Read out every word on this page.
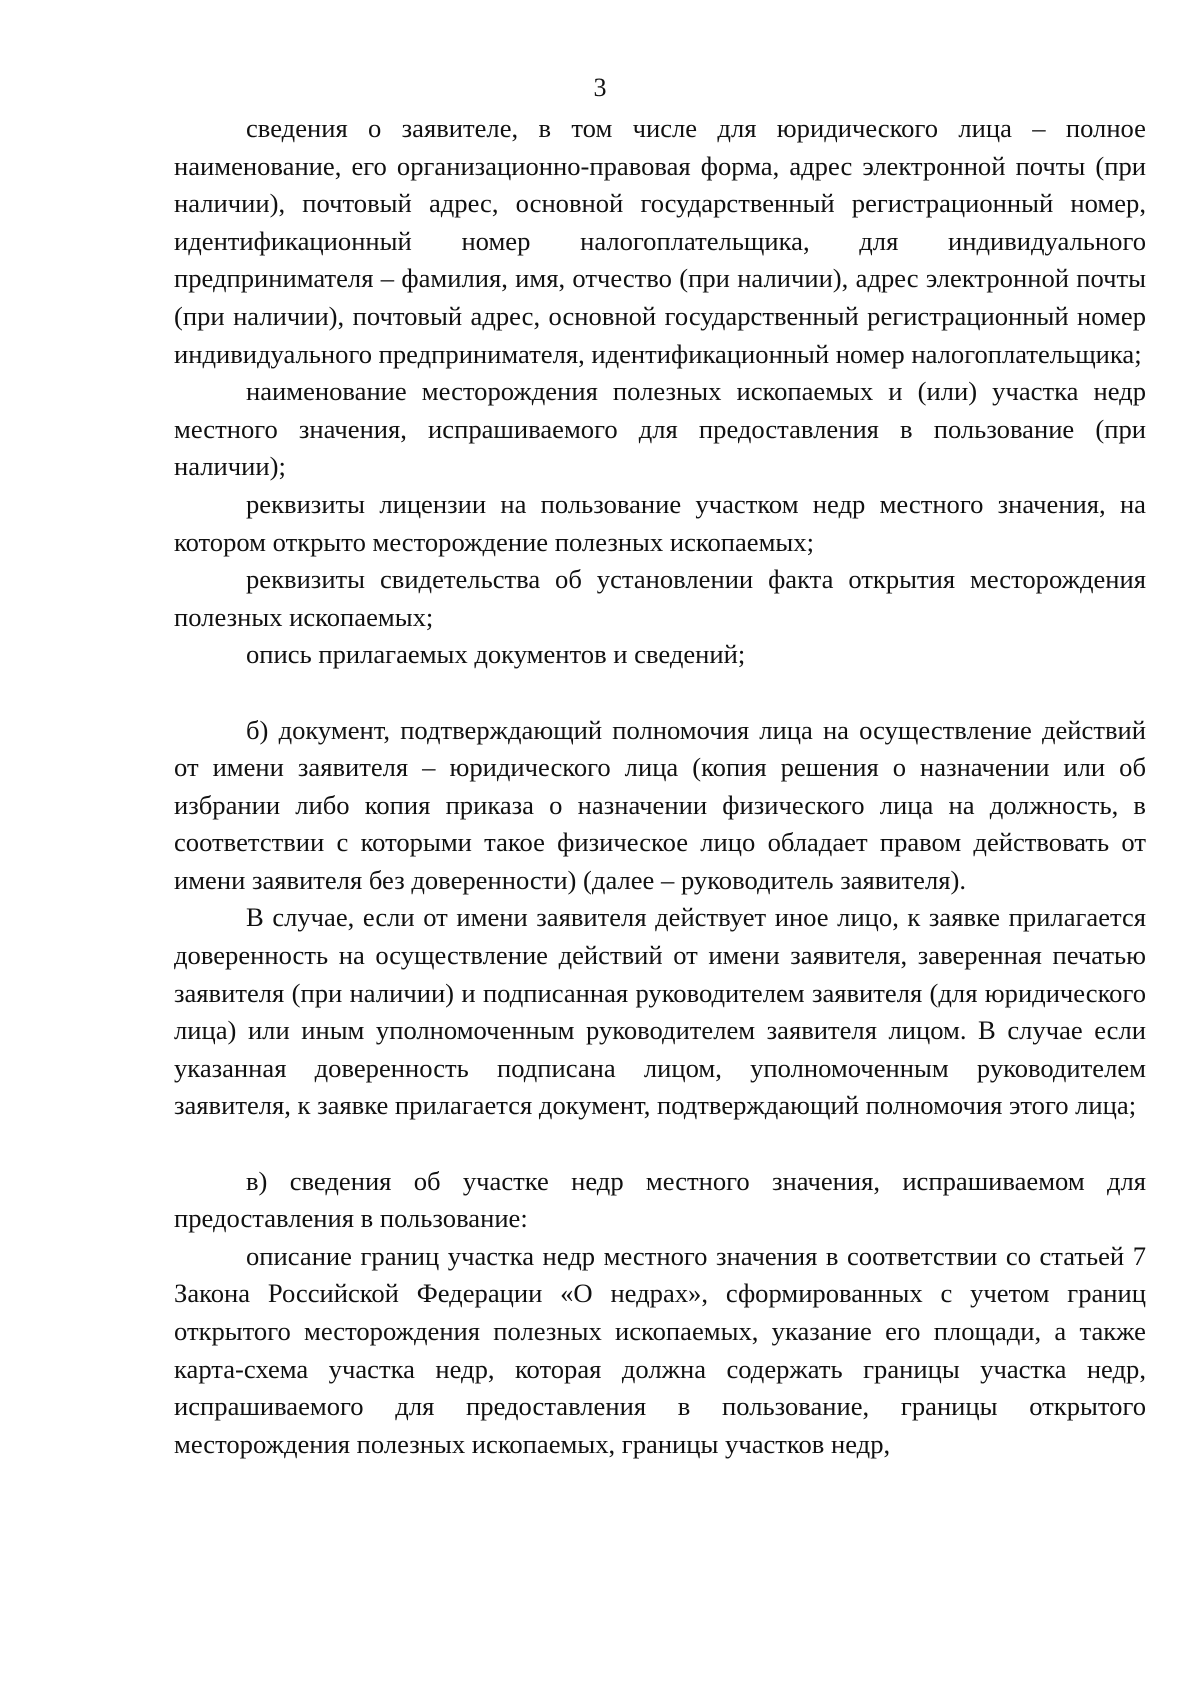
3

сведения о заявителе, в том числе для юридического лица – полное наименование, его организационно-правовая форма, адрес электронной почты (при наличии), почтовый адрес, основной государственный регистрационный номер, идентификационный номер налогоплательщика, для индивидуального предпринимателя – фамилия, имя, отчество (при наличии), адрес электронной почты (при наличии), почтовый адрес, основной государственный регистрационный номер индивидуального предпринимателя, идентификационный номер налогоплательщика;

наименование месторождения полезных ископаемых и (или) участка недр местного значения, испрашиваемого для предоставления в пользование (при наличии);

реквизиты лицензии на пользование участком недр местного значения, на котором открыто месторождение полезных ископаемых;

реквизиты свидетельства об установлении факта открытия месторождения полезных ископаемых;

опись прилагаемых документов и сведений;

б) документ, подтверждающий полномочия лица на осуществление действий от имени заявителя – юридического лица (копия решения о назначении или об избрании либо копия приказа о назначении физического лица на должность, в соответствии с которыми такое физическое лицо обладает правом действовать от имени заявителя без доверенности) (далее – руководитель заявителя).

В случае, если от имени заявителя действует иное лицо, к заявке прилагается доверенность на осуществление действий от имени заявителя, заверенная печатью заявителя (при наличии) и подписанная руководителем заявителя (для юридического лица) или иным уполномоченным руководителем заявителя лицом. В случае если указанная доверенность подписана лицом, уполномоченным руководителем заявителя, к заявке прилагается документ, подтверждающий полномочия этого лица;

в) сведения об участке недр местного значения, испрашиваемом для предоставления в пользование:

описание границ участка недр местного значения в соответствии со статьей 7 Закона Российской Федерации «О недрах», сформированных с учетом границ открытого месторождения полезных ископаемых, указание его площади, а также карта-схема участка недр, которая должна содержать границы участка недр, испрашиваемого для предоставления в пользование, границы открытого месторождения полезных ископаемых, границы участков недр,
